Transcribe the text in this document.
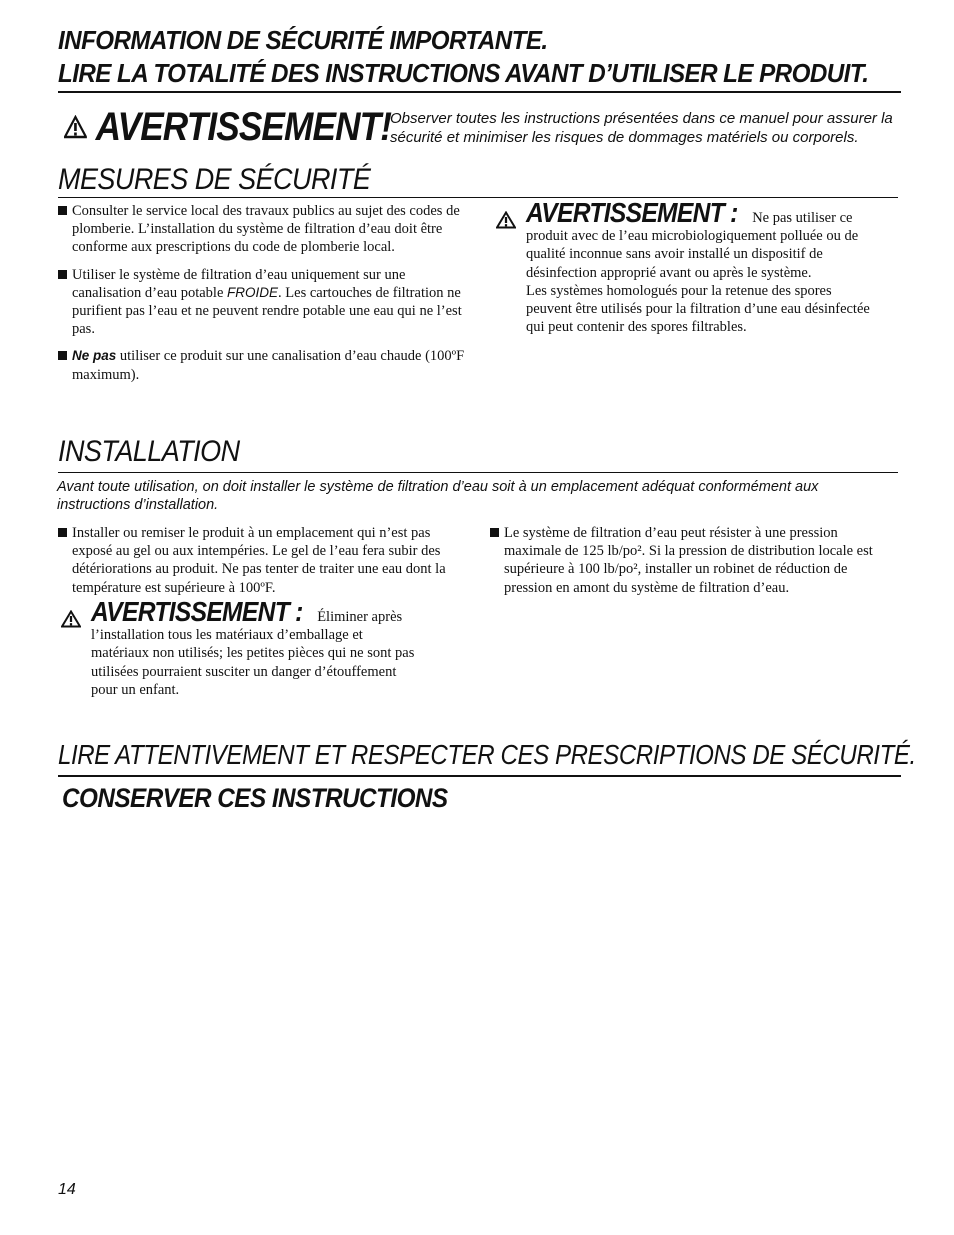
INFORMATION DE SÉCURITÉ IMPORTANTE.
LIRE LA TOTALITÉ DES INSTRUCTIONS AVANT D’UTILISER LE PRODUIT.
AVERTISSEMENT!
Observer toutes les instructions présentées dans ce manuel pour assurer la sécurité et minimiser les risques de dommages matériels ou corporels.
MESURES DE SÉCURITÉ
Consulter le service local des travaux publics au sujet des codes de plomberie. L’installation du système de filtration d’eau doit être conforme aux prescriptions du code de plomberie local.
Utiliser le système de filtration d’eau uniquement sur une canalisation d’eau potable FROIDE. Les cartouches de filtration ne purifient pas l’eau et ne peuvent rendre potable une eau qui ne l’est pas.
Ne pas utiliser ce produit sur une canalisation d’eau chaude (100ºF maximum).
AVERTISSEMENT : Ne pas utiliser ce produit avec de l’eau microbiologiquement polluée ou de qualité inconnue sans avoir installé un dispositif de désinfection approprié avant ou après le système.
Les systèmes homologués pour la retenue des spores peuvent être utilisés pour la filtration d’une eau désinfectée qui peut contenir des spores filtrables.
INSTALLATION
Avant toute utilisation, on doit installer le système de filtration d’eau soit à un emplacement adéquat conformément aux instructions d’installation.
Installer ou remiser le produit à un emplacement qui n’est pas exposé au gel ou aux intempéries. Le gel de l’eau fera subir des détériorations au produit. Ne pas tenter de traiter une eau dont la température est supérieure à 100ºF.
AVERTISSEMENT : Éliminer après l’installation tous les matériaux d’emballage et matériaux non utilisés; les petites pièces qui ne sont pas utilisées pourraient susciter un danger d’étouffement pour un enfant.
Le système de filtration d’eau peut résister à une pression maximale de 125 lb/po². Si la pression de distribution locale est supérieure à 100 lb/po², installer un robinet de réduction de pression en amont du système de filtration d’eau.
LIRE ATTENTIVEMENT ET RESPECTER CES PRESCRIPTIONS DE SÉCURITÉ.
CONSERVER CES INSTRUCTIONS
14
